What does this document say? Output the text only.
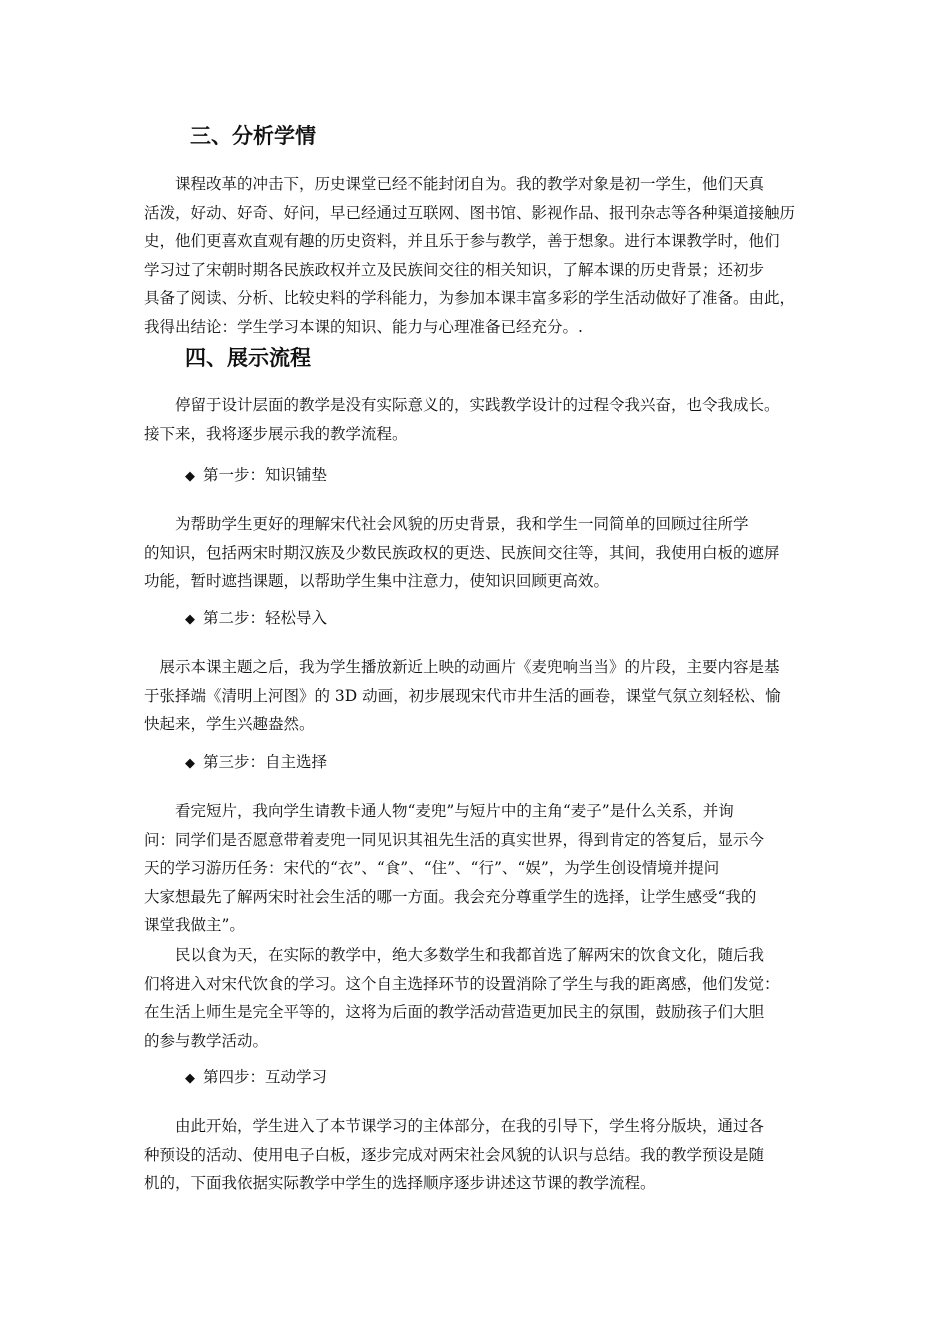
三、分析学情
　　课程改革的冲击下，历史课堂已经不能封闭自为。我的教学对象是初一学生，他们天真
活泼，好动、好奇、好问，早已经通过互联网、图书馆、影视作品、报刊杂志等各种渠道接触历
史，他们更喜欢直观有趣的历史资料，并且乐于参与教学，善于想象。进行本课教学时，他们
学习过了宋朝时期各民族政权并立及民族间交往的相关知识，了解本课的历史背景；还初步
具备了阅读、分析、比较史料的学科能力，为参加本课丰富多彩的学生活动做好了准备。由此，
我得出结论：学生学习本课的知识、能力与心理准备已经充分。.
四、展示流程
　　停留于设计层面的教学是没有实际意义的，实践教学设计的过程令我兴奋，也令我成长。
接下来，我将逐步展示我的教学流程。
◆ 第一步：知识铺垫
　　为帮助学生更好的理解宋代社会风貌的历史背景，我和学生一同简单的回顾过往所学
的知识，包括两宋时期汉族及少数民族政权的更迭、民族间交往等，其间，我使用白板的遮屏
功能，暂时遮挡课题，以帮助学生集中注意力，使知识回顾更高效。
◆ 第二步：轻松导入
　展示本课主题之后，我为学生播放新近上映的动画片《麦兜响当当》的片段，主要内容是基
于张择端《清明上河图》的 3D 动画，初步展现宋代市井生活的画卷，课堂气氛立刻轻松、愉
快起来，学生兴趣盎然。
◆ 第三步：自主选择
　　看完短片，我向学生请教卡通人物“麦兜”与短片中的主角“麦子”是什么关系，并询
问：同学们是否愿意带着麦兜一同见识其祖先生活的真实世界，得到肯定的答复后，显示今
天的学习游历任务：宋代的“衣”、“食”、“住”、“行”、“娱”，为学生创设情境并提问
大家想最先了解两宋时社会生活的哪一方面。我会充分尊重学生的选择，让学生感受“我的
课堂我做主”。
　　民以食为天，在实际的教学中，绝大多数学生和我都首选了解两宋的饮食文化，随后我
们将进入对宋代饮食的学习。这个自主选择环节的设置消除了学生与我的距离感，他们发觉：
在生活上师生是完全平等的，这将为后面的教学活动营造更加民主的氛围，鼓励孩子们大胆
的参与教学活动。
◆ 第四步：互动学习
　　由此开始，学生进入了本节课学习的主体部分，在我的引导下，学生将分版块，通过各
种预设的活动、使用电子白板，逐步完成对两宋社会风貌的认识与总结。我的教学预设是随
机的，下面我依据实际教学中学生的选择顺序逐步讲述这节课的教学流程。
